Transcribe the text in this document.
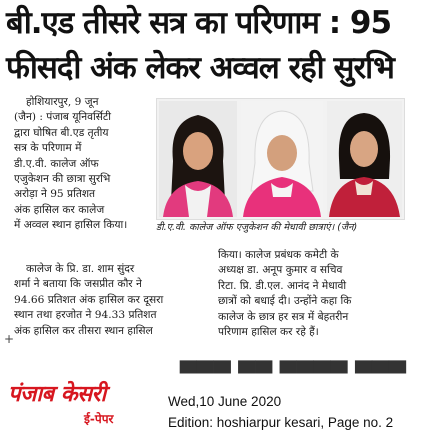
बी.एड तीसरे सत्र का परिणाम : 95
फीसदी अंक लेकर अव्वल रही सुरभि
होशियारपुर, 9 जून
(जैन) : पंजाब यूनिवर्सिटी
द्वारा घोषित बी.एड तृतीय
सत्र के परिणाम में
डी.ए.वी. कालेज ऑफ
एजुकेशन की छात्रा सुरभि
अरोड़ा ने 95 प्रतिशत
अंक हासिल कर कालेज
में अव्वल स्थान हासिल किया।	डी.ए.वी. कालेज ऑफ एजुकेशन की मेधावी छात्राएं। (जैन)
कालेज के प्रि. डा. शाम सुंदर
शर्मा ने बताया कि जसप्रीत कौर ने
94.66 प्रतिशत अंक हासिल कर दूसरा
स्थान तथा हरजोत ने 94.33 प्रतिशत
अंक हासिल कर तीसरा स्थान हासिल
किया। कालेज प्रबंधक कमेटी के
अध्यक्ष डा. अनूप कुमार व सचिव
रिटा. प्रि. डी.एल. आनंद ने मेधावी
छात्रों को बधाई दी। उन्होंने कहा कि
कालेज के छात्र हर सत्र में बेहतरीन
परिणाम हासिल कर रहे हैं।
+
▀▀▀ ▀▀ ▀▀▀▀ ▀▀▀
पंजाब केसरी
ई-पेपर
Wed,10 June 2020
Edition: hoshiarpur kesari, Page no. 2
